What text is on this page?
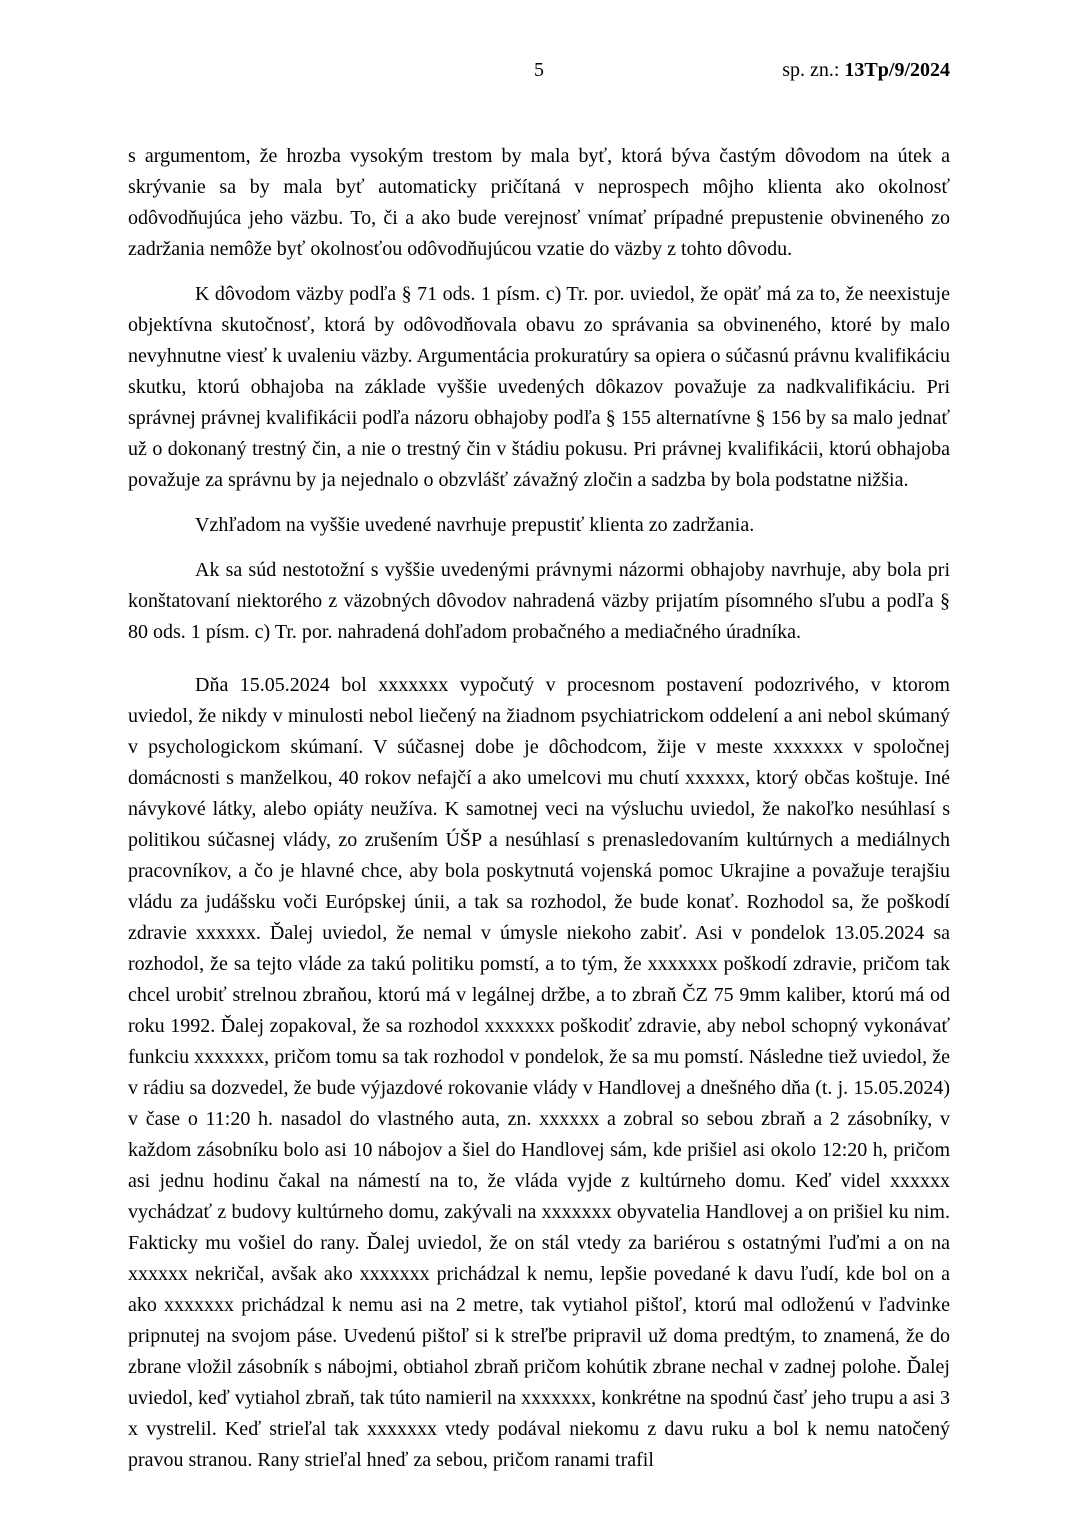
5	sp. zn.: 13Tp/9/2024

s argumentom, že hrozba vysokým trestom by mala byť, ktorá býva častým dôvodom na útek a skrývanie sa by mala byť automaticky pričítaná v neprospech môjho klienta ako okolnosť odôvodňujúca jeho väzbu. To, či a ako bude verejnosť vnímať prípadné prepustenie obvineného zo zadržania nemôže byť okolnosťou odôvodňujúcou vzatie do väzby z tohto dôvodu.

K dôvodom väzby podľa § 71 ods. 1 písm. c) Tr. por. uviedol, že opäť má za to, že neexistuje objektívna skutočnosť, ktorá by odôvodňovala obavu zo správania sa obvineného, ktoré by malo nevyhnutne viesť k uvaleniu väzby. Argumentácia prokuratúry sa opiera o súčasnú právnu kvalifikáciu skutku, ktorú obhajoba na základe vyššie uvedených dôkazov považuje za nadkvalifikáciu. Pri správnej právnej kvalifikácii podľa názoru obhajoby podľa § 155 alternatívne § 156 by sa malo jednať už o dokonaný trestný čin, a nie o trestný čin v štádiu pokusu. Pri právnej kvalifikácii, ktorú obhajoba považuje za správnu by ja nejednalo o obzvlášť závažný zločin a sadzba by bola podstatne nižšia.

Vzhľadom na vyššie uvedené navrhuje prepustiť klienta zo zadržania.

Ak sa súd nestotožní s vyššie uvedenými právnymi názormi obhajoby navrhuje, aby bola pri konštatovaní niektorého z väzobných dôvodov nahradená väzby prijatím písomného sľubu a podľa § 80 ods. 1 písm. c) Tr. por. nahradená dohľadom probačného a mediačného úradníka.

Dňa 15.05.2024 bol xxxxxxx vypočutý v procesnom postavení podozrivého, v ktorom uviedol, že nikdy v minulosti nebol liečený na žiadnom psychiatrickom oddelení a ani nebol skúmaný v psychologickom skúmaní. V súčasnej dobe je dôchodcom, žije v meste xxxxxxx v spoločnej domácnosti s manželkou, 40 rokov nefajčí a ako umelcovi mu chutí xxxxxx, ktorý občas koštuje. Iné návykové látky, alebo opiáty neužíva. K samotnej veci na výsluchu uviedol, že nakoľko nesúhlasí s politikou súčasnej vlády, zo zrušením ÚŠP a nesúhlasí s prenasledovaním kultúrnych a mediálnych pracovníkov, a čo je hlavné chce, aby bola poskytnutá vojenská pomoc Ukrajine a považuje terajšiu vládu za judášsku voči Európskej únii, a tak sa rozhodol, že bude konať. Rozhodol sa, že poškodí zdravie xxxxxx. Ďalej uviedol, že nemal v úmysle niekoho zabiť. Asi v pondelok 13.05.2024 sa rozhodol, že sa tejto vláde za takú politiku pomstí, a to tým, že xxxxxxx poškodí zdravie, pričom tak chcel urobiť strelnou zbraňou, ktorú má v legálnej držbe, a to zbraň ČZ 75 9mm kaliber, ktorú má od roku 1992. Ďalej zopakoval, že sa rozhodol xxxxxxx poškodiť zdravie, aby nebol schopný vykonávať funkciu xxxxxxx, pričom tomu sa tak rozhodol v pondelok, že sa mu pomstí. Následne tiež uviedol, že v rádiu sa dozvedel, že bude výjazdové rokovanie vlády v Handlovej a dnešného dňa (t. j. 15.05.2024) v čase o 11:20 h. nasadol do vlastného auta, zn. xxxxxx a zobral so sebou zbraň a 2 zásobníky, v každom zásobníku bolo asi 10 nábojov a šiel do Handlovej sám, kde prišiel asi okolo 12:20 h, pričom asi jednu hodinu čakal na námestí na to, že vláda vyjde z kultúrneho domu. Keď videl xxxxxx vychádzať z budovy kultúrneho domu, zakývali na xxxxxxx obyvatelia Handlovej a on prišiel ku nim. Fakticky mu vošiel do rany. Ďalej uviedol, že on stál vtedy za bariérou s ostatnými ľuďmi a on na xxxxxx nekričal, avšak ako xxxxxxx prichádzal k nemu, lepšie povedané k davu ľudí, kde bol on a ako xxxxxxx prichádzal k nemu asi na 2 metre, tak vytiahol pištoľ, ktorú mal odloženú v ľadvinke pripnutej na svojom páse. Uvedenú pištoľ si k streľbe pripravil už doma predtým, to znamená, že do zbrane vložil zásobník s nábojmi, obtiahol zbraň pričom kohútik zbrane nechal v zadnej polohe. Ďalej uviedol, keď vytiahol zbraň, tak túto namieril na xxxxxxx, konkrétne na spodnú časť jeho trupu a asi 3 x vystrelil. Keď strieľal tak xxxxxxx vtedy podával niekomu z davu ruku a bol k nemu natočený pravou stranou. Rany strieľal hneď za sebou, pričom ranami trafil
